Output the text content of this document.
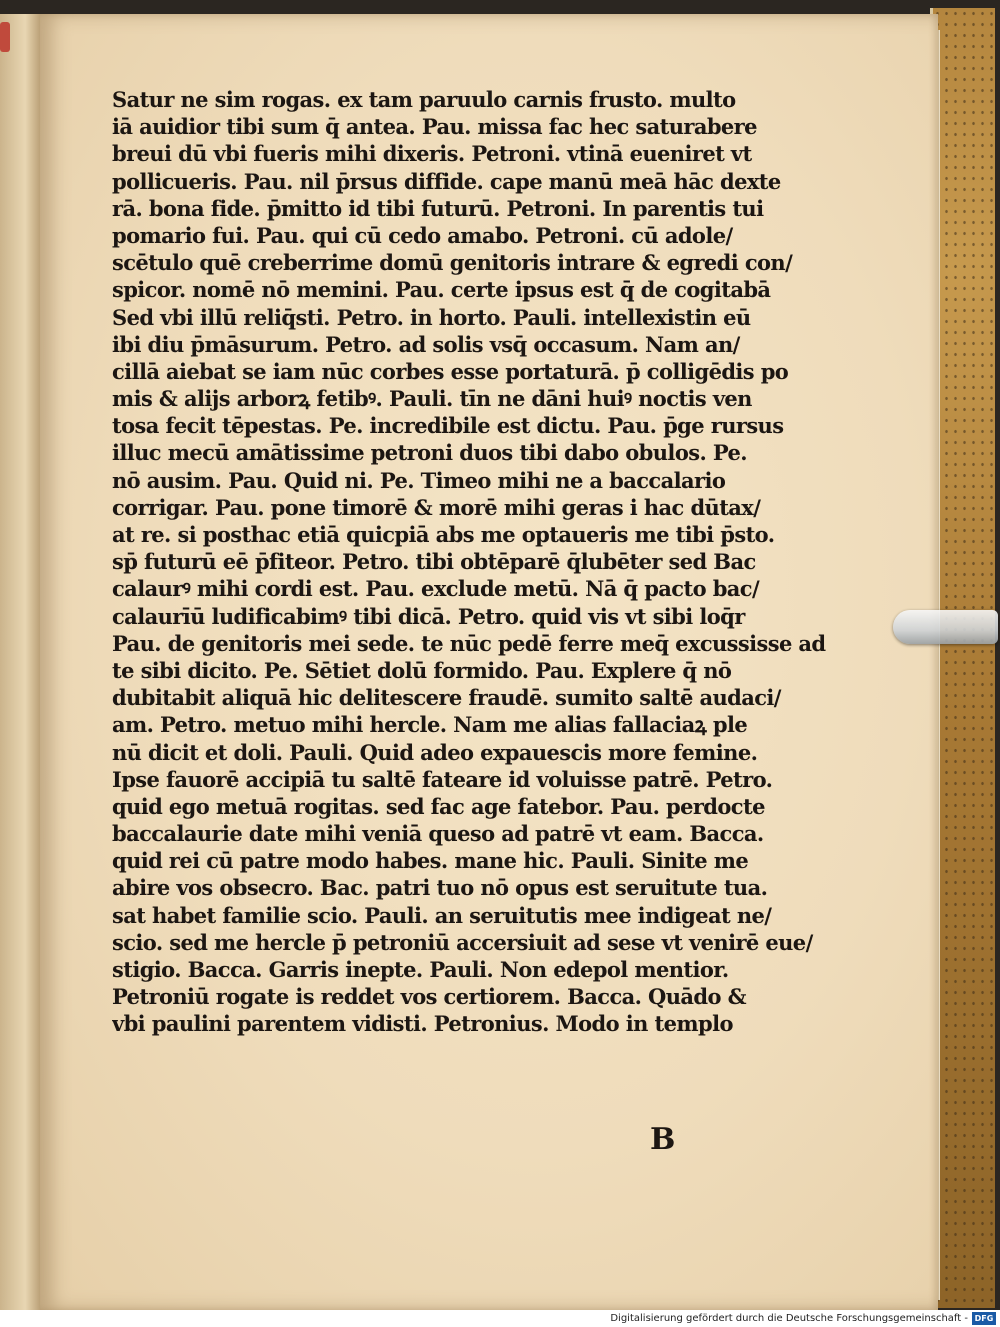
Satur ne sim rogas. ex tam paruulo carnis frusto. multo
iā auidior tibi sum q̄ antea. Pau. missa fac hec saturabere
breui dū vbi fueris mihi dixeris. Petroni. vtinā eueniret vt
pollicueris. Pau. nil p̄rsus diffide. cape manū meā hāc dexte
rā. bona fide. p̄mitto id tibi futurū. Petroni. In parentis tui
pomario fui. Pau. qui cū cedo amabo. Petroni. cū adole/
scētulo quē creberrime domū genitoris intrare & egredi con/
spicor. nomē nō memini. Pau. certe ipsus est q̄ de cogitabā
Sed vbi illū reliq̄sti. Petro. in horto. Pauli. intellexistin eū
ibi diu p̄māsurum. Petro. ad solis vsq̄ occasum. Nam an/
cillā aiebat se iam nūc corbes esse portaturā. p̄ colligēdis po
mis & alijs arborꝝ fetibꝰ. Pauli. tīn ne dāni huiꝰ noctis ven
tosa fecit tēpestas. Pe. incredibile est dictu. Pau. p̄ge rursus
illuc mecū amātissime petroni duos tibi dabo obulos. Pe.
nō ausim. Pau. Quid ni. Pe. Timeo mihi ne a baccalario
corrigar. Pau. pone timorē & morē mihi geras i hac dūtax/
at re. si posthac etiā quicpiā abs me optaueris me tibi p̄sto.
sp̄ futurū eē p̄fiteor. Petro. tibi obtēparē q̄lubēter sed Bac
calaurꝰ mihi cordi est. Pau. exclude metū. Nā q̄ pacto bac/
calaurīū ludificabimꝰ tibi dicā. Petro. quid vis vt sibi loq̄r
Pau. de genitoris mei sede. te nūc pedē ferre meq̄ excussisse ad
te sibi dicito. Pe. Sētiet dolū formido. Pau. Explere q̄ nō
dubitabit aliquā hic delitescere fraudē. sumito saltē audaci/
am. Petro. metuo mihi hercle. Nam me alias fallaciaꝝ ple
nū dicit et doli. Pauli. Quid adeo expauescis more femine.
Ipse fauorē accipiā tu saltē fateare id voluisse patrē. Petro.
quid ego metuā rogitas. sed fac age fatebor. Pau. perdocte
baccalaurie date mihi veniā queso ad patrē vt eam. Bacca.
quid rei cū patre modo habes. mane hic. Pauli. Sinite me
abire vos obsecro. Bac. patri tuo nō opus est seruitute tua.
sat habet familie scio. Pauli. an seruitutis mee indigeat ne/
scio. sed me hercle p̄ petroniū accersiuit ad sese vt venirē eue/
stigio. Bacca. Garris inepte. Pauli. Non edepol mentior.
Petroniū rogate is reddet vos certiorem. Bacca. Quādo &
vbi paulini parentem vidisti. Petronius. Modo in templo
B
Digitalisierung gefördert durch die Deutsche Forschungsgemeinschaft - DFG
